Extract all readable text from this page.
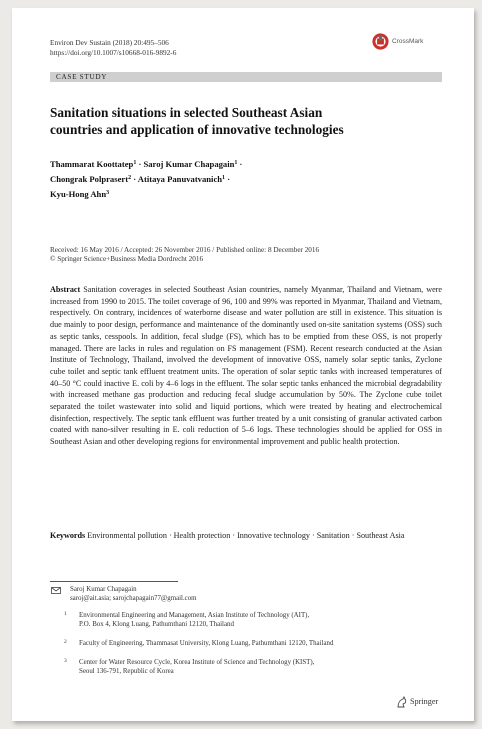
Environ Dev Sustain (2018) 20:495–506
https://doi.org/10.1007/s10668-016-9892-6
CrossMark
CASE STUDY
Sanitation situations in selected Southeast Asian
countries and application of innovative technologies
Thammarat Koottatep$^1$ · Saroj Kumar Chapagain$^1$ ·
Chongrak Polprasert$^2$ · Atitaya Panuvatvanich$^1$ ·
Kyu-Hong Ahn$^3$
Received: 16 May 2016 / Accepted: 26 November 2016 / Published online: 8 December 2016
© Springer Science+Business Media Dordrecht 2016
Abstract Sanitation coverages in selected Southeast Asian countries, namely Myanmar, Thailand and Vietnam, were increased from 1990 to 2015. The toilet coverage of 96, 100 and 99% was reported in Myanmar, Thailand and Vietnam, respectively. On contrary, incidences of waterborne disease and water pollution are still in existence. This situation is due mainly to poor design, performance and maintenance of the dominantly used on-site sanitation systems (OSS) such as septic tanks, cesspools. In addition, fecal sludge (FS), which has to be emptied from these OSS, is not properly managed. There are lacks in rules and regulation on FS management (FSM). Recent research conducted at the Asian Institute of Technology, Thailand, involved the development of innovative OSS, namely solar septic tanks, Zyclone cube toilet and septic tank effluent treatment units. The operation of solar septic tanks with increased temperatures of 40–50 °C could inactive E. coli by 4–6 logs in the effluent. The solar septic tanks enhanced the microbial degradability with increased methane gas production and reducing fecal sludge accumulation by 50%. The Zyclone cube toilet separated the toilet wastewater into solid and liquid portions, which were treated by heating and electrochemical disinfection, respectively. The septic tank effluent was further treated by a unit consisting of granular activated carbon coated with nano-silver resulting in E. coli reduction of 5–6 logs. These technologies should be applied for OSS in Southeast Asian and other developing regions for environmental improvement and public health protection.
Keywords Environmental pollution · Health protection · Innovative technology · Sanitation · Southeast Asia
Saroj Kumar Chapagain
saroj@ait.asia; sarojchapagain77@gmail.com
1 Environmental Engineering and Management, Asian Institute of Technology (AIT),
P.O. Box 4, Klong Luang, Pathumthani 12120, Thailand
2 Faculty of Engineering, Thammasat University, Klong Luang, Pathumthani 12120, Thailand
3 Center for Water Resource Cycle, Korea Institute of Science and Technology (KIST),
Seoul 136-791, Republic of Korea
Springer
